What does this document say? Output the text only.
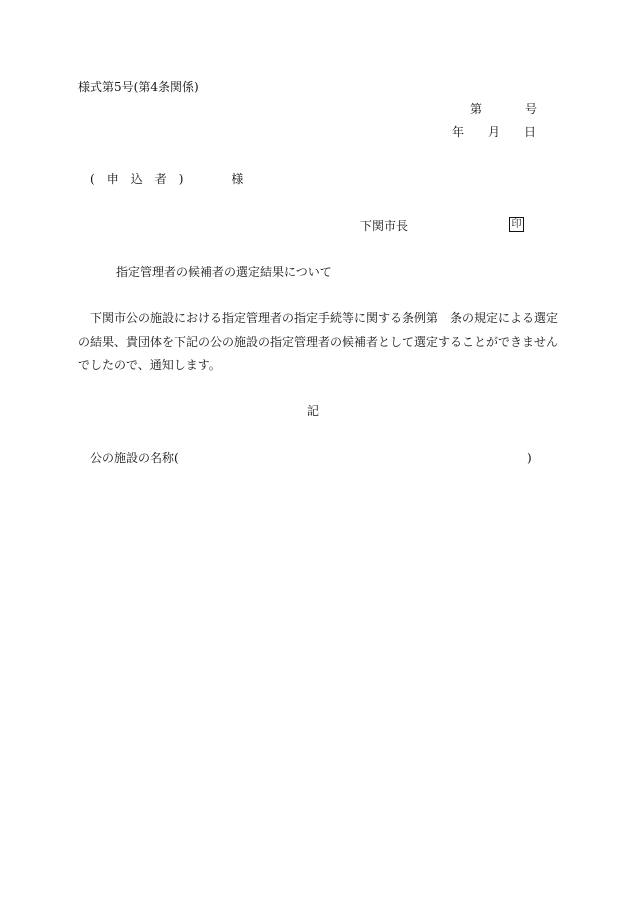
様式第5号(第4条関係)
第	号
年 月 日
( 申 込 者 )	様
下関市長	印
指定管理者の候補者の選定結果について
下関市公の施設における指定管理者の指定手続等に関する条例第　条の規定による選定
の結果、貴団体を下記の公の施設の指定管理者の候補者として選定することができません
でしたので、通知します。
記
公の施設の名称(	)
